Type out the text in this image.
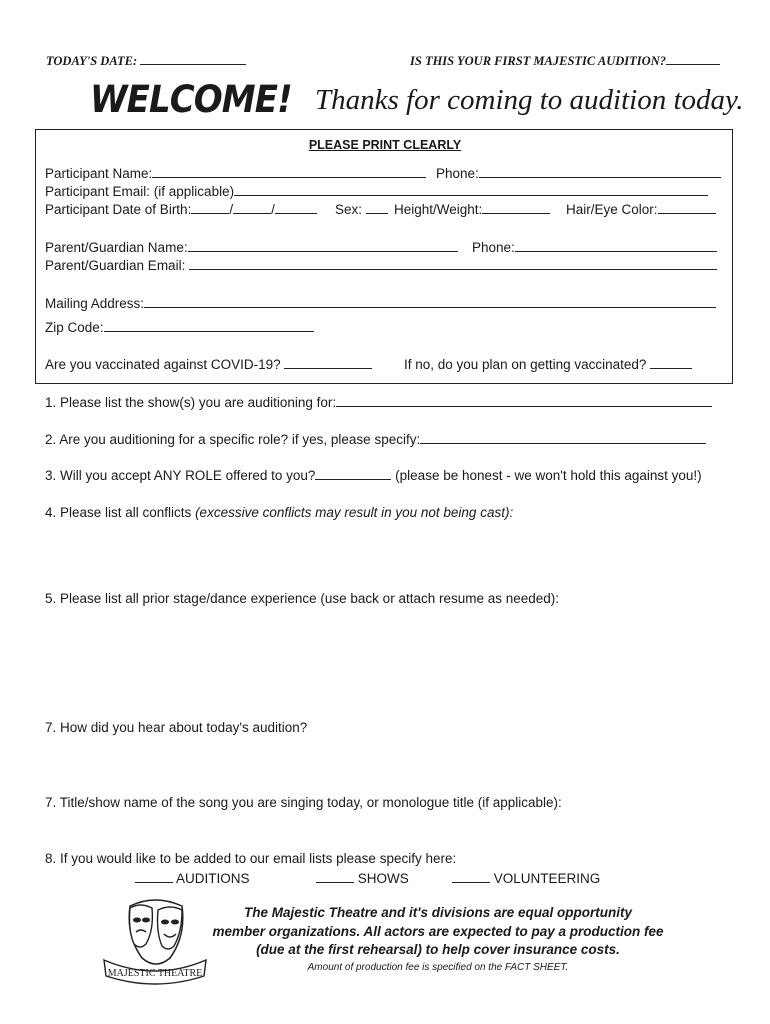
TODAY'S DATE:	IS THIS YOUR FIRST MAJESTIC AUDITION?
WELCOME! Thanks for coming to audition today.
PLEASE PRINT CLEARLY
Participant Name:	Phone:
Participant Email: (if applicable)
Participant Date of Birth:	/	/	Sex:	Height/Weight:	Hair/Eye Color:
Parent/Guardian Name:	Phone:
Parent/Guardian Email:
Mailing Address:
Zip Code:
Are you vaccinated against COVID-19?	If no, do you plan on getting vaccinated?
1. Please list the show(s) you are auditioning for:
2. Are you auditioning for a specific role? if yes, please specify:
3. Will you accept ANY ROLE offered to you?	(please be honest - we won't hold this against you!)
4. Please list all conflicts (excessive conflicts may result in you not being cast):
5. Please list all prior stage/dance experience (use back or attach resume as needed):
7. How did you hear about today's audition?
7. Title/show name of the song you are singing today, or monologue title (if applicable):
8. If you would like to be added to our email lists please specify here:
AUDITIONS	SHOWS	VOLUNTEERING
MAJESTIC THEATRE
The Majestic Theatre and it's divisions are equal opportunity
member organizations. All actors are expected to pay a production fee
(due at the first rehearsal) to help cover insurance costs.
Amount of production fee is specified on the FACT SHEET.
